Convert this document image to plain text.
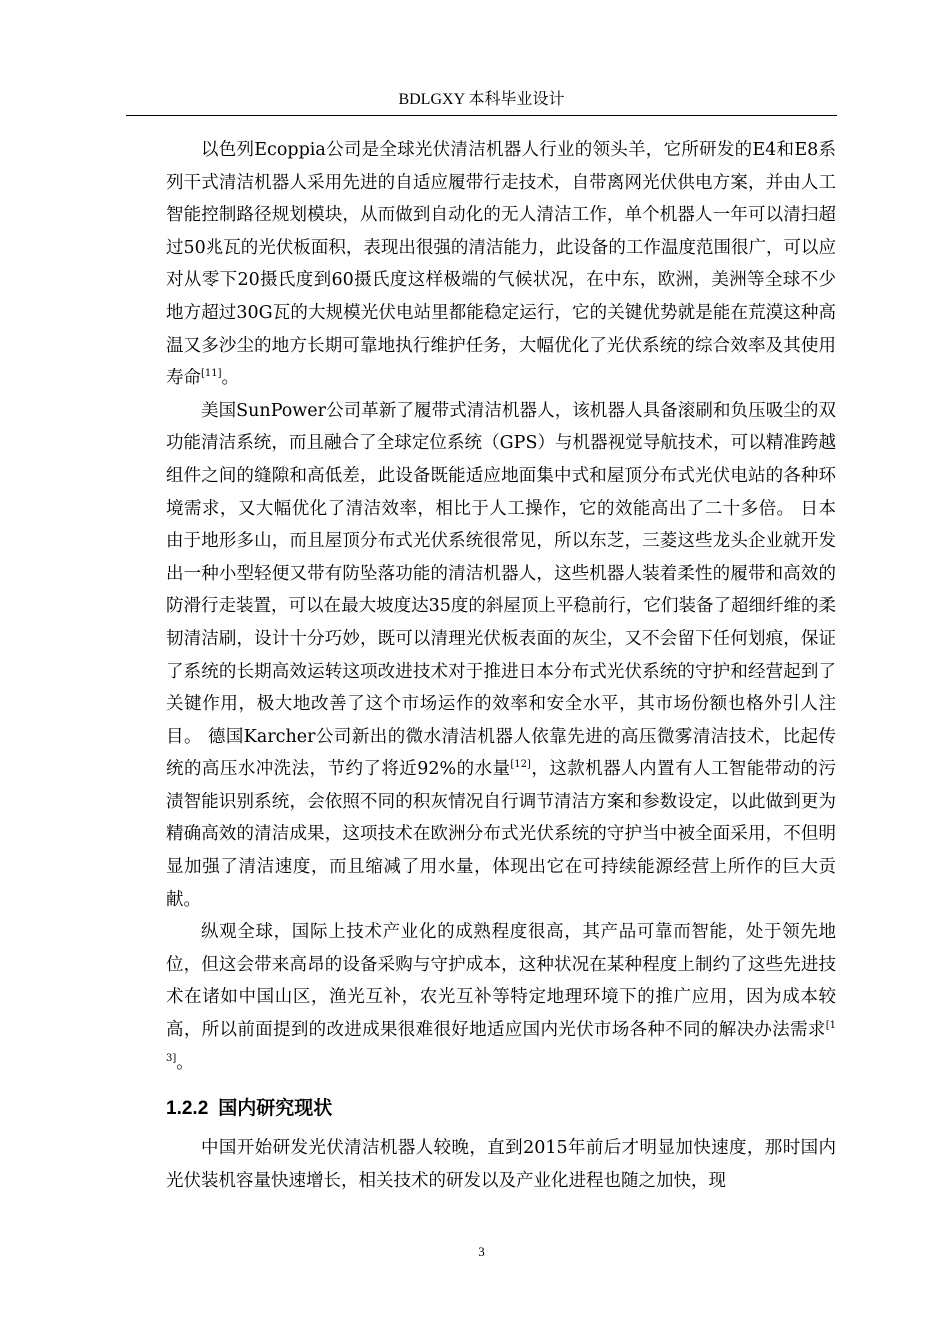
BDLGXY 本科毕业设计

以色列Ecoppia公司是全球光伏清洁机器人行业的领头羊，它所研发的E4和E8系列干式清洁机器人采用先进的自适应履带行走技术，自带离网光伏供电方案，并由人工智能控制路径规划模块，从而做到自动化的无人清洁工作，单个机器人一年可以清扫超过50兆瓦的光伏板面积，表现出很强的清洁能力，此设备的工作温度范围很广，可以应对从零下20摄氏度到60摄氏度这样极端的气候状况，在中东，欧洲，美洲等全球不少地方超过30G瓦的大规模光伏电站里都能稳定运行，它的关键优势就是能在荒漠这种高温又多沙尘的地方长期可靠地执行维护任务，大幅优化了光伏系统的综合效率及其使用寿命[11]。

美国SunPower公司革新了履带式清洁机器人，该机器人具备滚刷和负压吸尘的双功能清洁系统，而且融合了全球定位系统（GPS）与机器视觉导航技术，可以精准跨越组件之间的缝隙和高低差，此设备既能适应地面集中式和屋顶分布式光伏电站的各种环境需求，又大幅优化了清洁效率，相比于人工操作，它的效能高出了二十多倍。 日本由于地形多山，而且屋顶分布式光伏系统很常见，所以东芝，三菱这些龙头企业就开发出一种小型轻便又带有防坠落功能的清洁机器人，这些机器人装着柔性的履带和高效的防滑行走装置，可以在最大坡度达35度的斜屋顶上平稳前行，它们装备了超细纤维的柔韧清洁刷，设计十分巧妙，既可以清理光伏板表面的灰尘，又不会留下任何划痕，保证了系统的长期高效运转这项改进技术对于推进日本分布式光伏系统的守护和经营起到了关键作用，极大地改善了这个市场运作的效率和安全水平，其市场份额也格外引人注目。 德国Karcher公司新出的微水清洁机器人依靠先进的高压微雾清洁技术，比起传统的高压水冲洗法，节约了将近92%的水量[12]，这款机器人内置有人工智能带动的污渍智能识别系统，会依照不同的积灰情况自行调节清洁方案和参数设定，以此做到更为精确高效的清洁成果，这项技术在欧洲分布式光伏系统的守护当中被全面采用，不但明显加强了清洁速度，而且缩减了用水量，体现出它在可持续能源经营上所作的巨大贡献。

纵观全球，国际上技术产业化的成熟程度很高，其产品可靠而智能，处于领先地位，但这会带来高昂的设备采购与守护成本，这种状况在某种程度上制约了这些先进技术在诸如中国山区，渔光互补，农光互补等特定地理环境下的推广应用，因为成本较高，所以前面提到的改进成果很难很好地适应国内光伏市场各种不同的解决办法需求[13]。

1.2.2 国内研究现状

中国开始研发光伏清洁机器人较晚，直到2015年前后才明显加快速度，那时国内光伏装机容量快速增长，相关技术的研发以及产业化进程也随之加快，现

3
